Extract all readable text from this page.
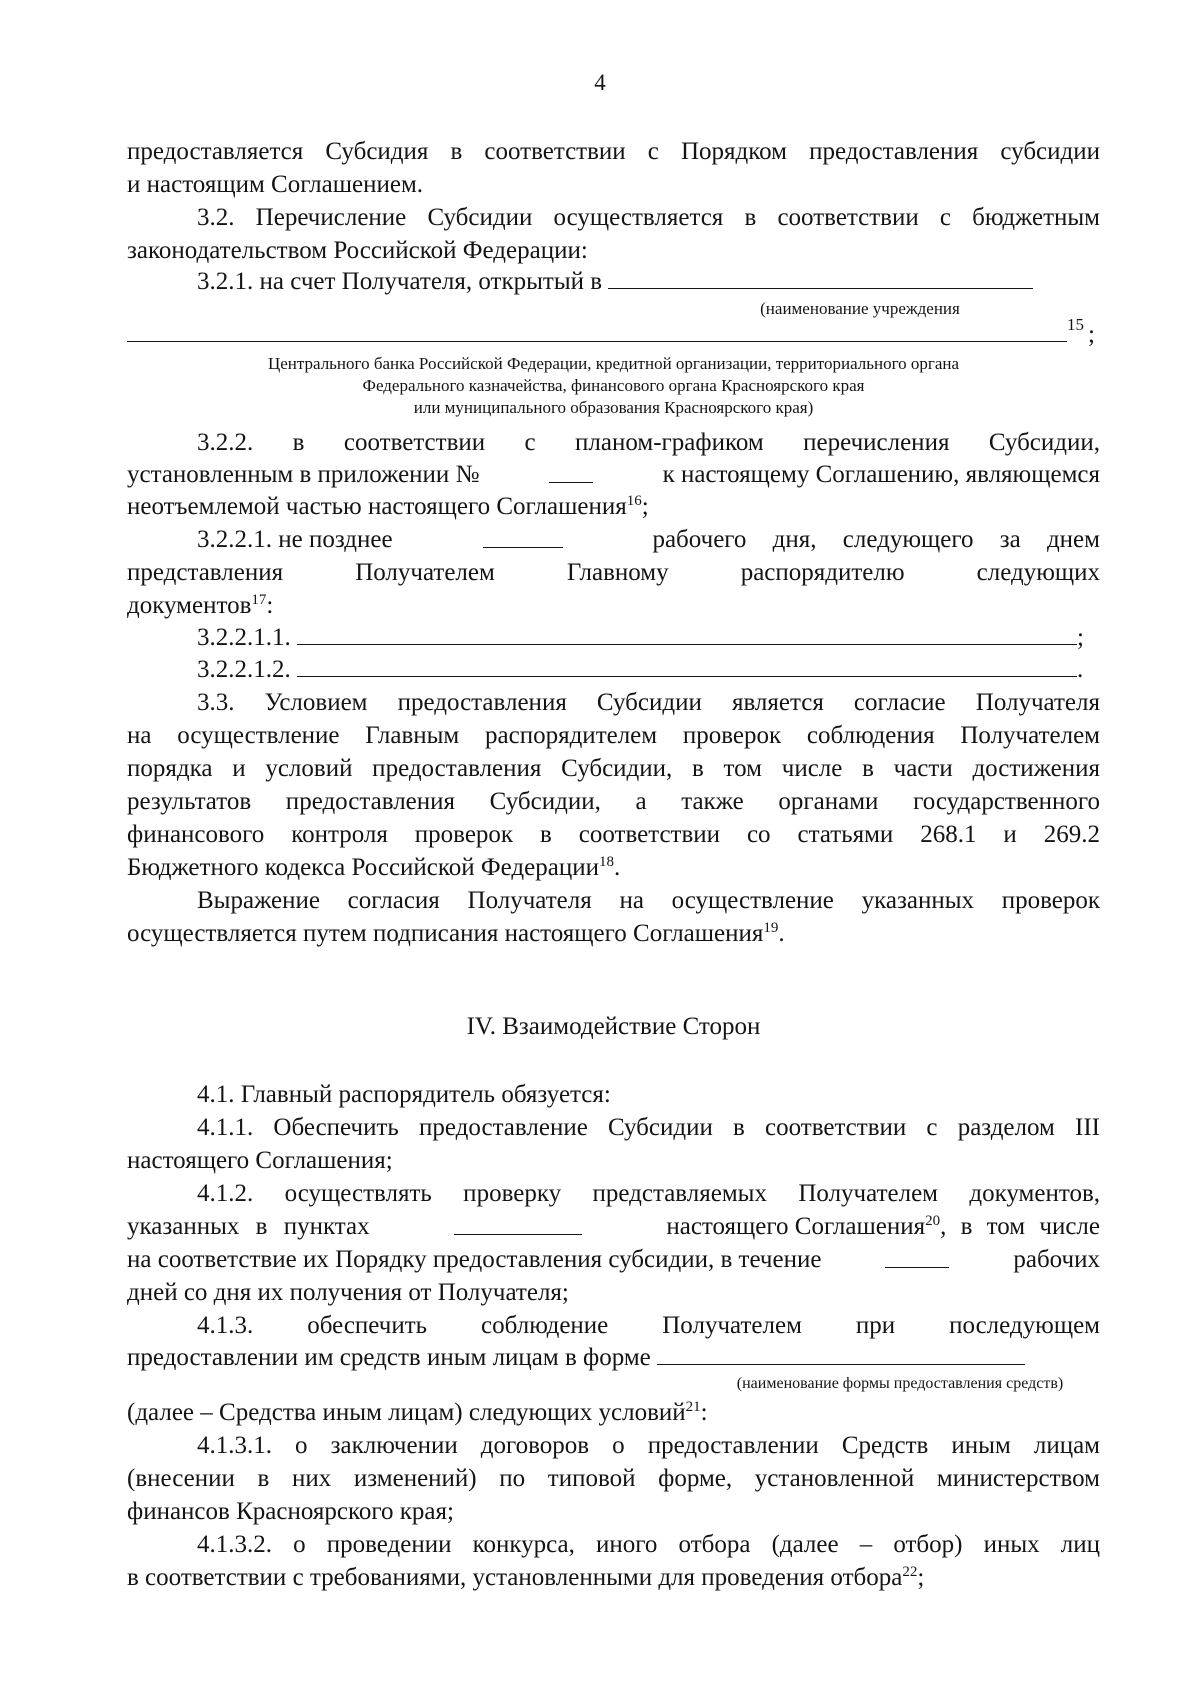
4
предоставляется Субсидия в соответствии с Порядком предоставления субсидии
и настоящим Соглашением.
3.2. Перечисление Субсидии осуществляется в соответствии с бюджетным
законодательством Российской Федерации:
3.2.1. на счет Получателя, открытый в
(наименование учреждения
15 ;
Центрального банка Российской Федерации, кредитной организации, территориального органа
Федерального казначейства, финансового органа Красноярского края
или муниципального образования Красноярского края)
3.2.2. в соответствии с планом-графиком перечисления Субсидии,
установленным в приложении №	к настоящему Соглашению, являющемся
неотъемлемой частью настоящего Соглашения$^{16}$;
3.2.2.1. не позднее	рабочего дня, следующего за днем
представления Получателем Главному распорядителю следующих
документов$^{17}$:
3.2.2.1.1.	;
3.2.2.1.2.	.
3.3. Условием предоставления Субсидии является согласие Получателя
на осуществление Главным распорядителем проверок соблюдения Получателем
порядка и условий предоставления Субсидии, в том числе в части достижения
результатов предоставления Субсидии, а также органами государственного
финансового контроля проверок в соответствии со статьями 268.1 и 269.2
Бюджетного кодекса Российской Федерации$^{18}$.
Выражение согласия Получателя на осуществление указанных проверок
осуществляется путем подписания настоящего Соглашения$^{19}$.
IV. Взаимодействие Сторон
4.1. Главный распорядитель обязуется:
4.1.1. Обеспечить предоставление Субсидии в соответствии с разделом III
настоящего Соглашения;
4.1.2. осуществлять проверку представляемых Получателем документов,
указанных в пунктах	настоящего Соглашения$^{20}$, в том числе
на соответствие их Порядку предоставления субсидии, в течение	рабочих
дней со дня их получения от Получателя;
4.1.3. обеспечить соблюдение Получателем при последующем
предоставлении им средств иным лицам в форме
(наименование формы предоставления средств)
(далее – Средства иным лицам) следующих условий$^{21}$:
4.1.3.1. о заключении договоров о предоставлении Средств иным лицам
(внесении в них изменений) по типовой форме, установленной министерством
финансов Красноярского края;
4.1.3.2. о проведении конкурса, иного отбора (далее – отбор) иных лиц
в соответствии с требованиями, установленными для проведения отбора$^{22}$;
